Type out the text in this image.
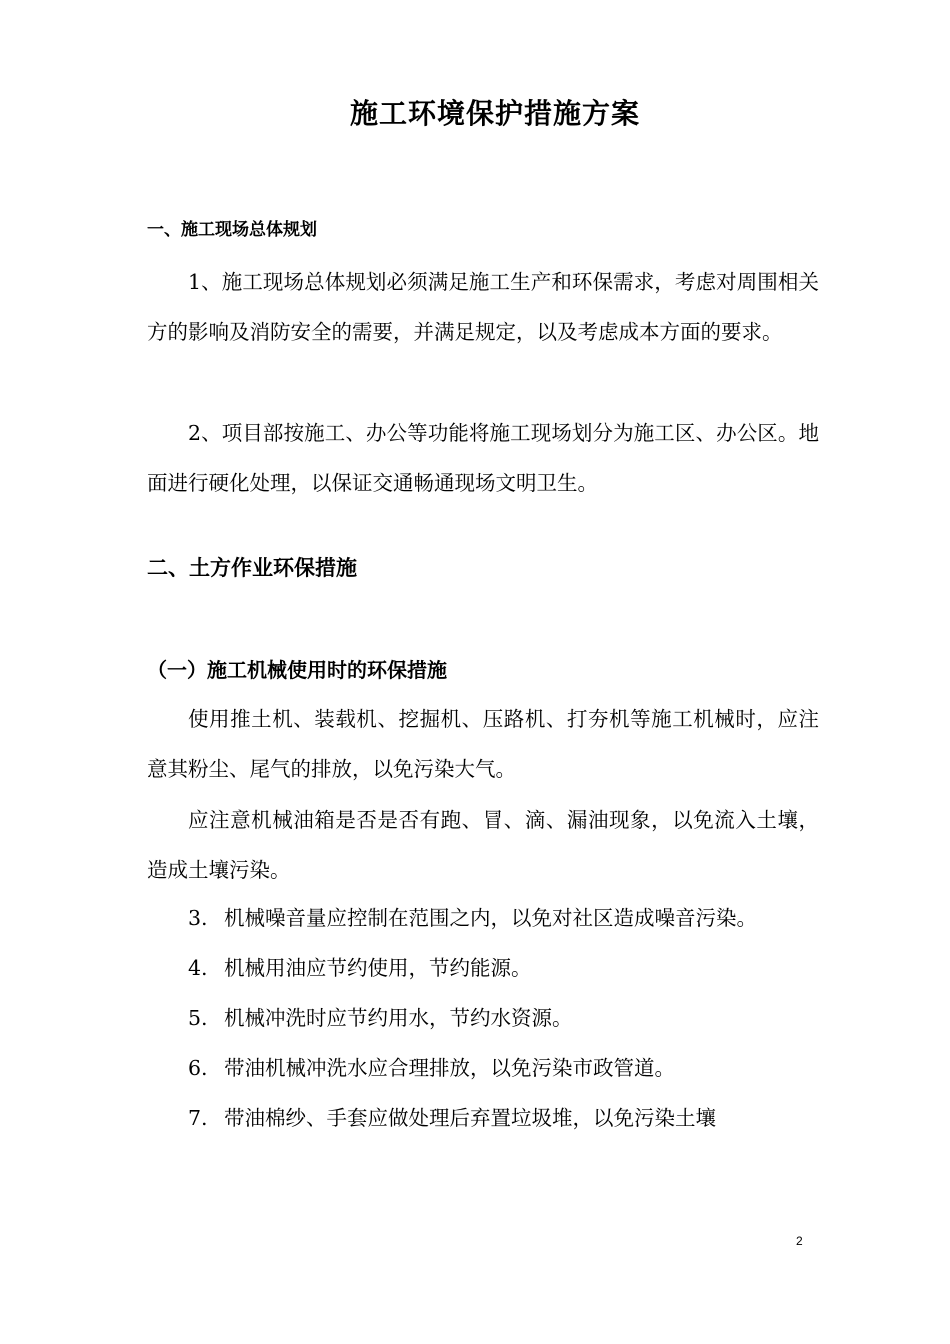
施工环境保护措施方案
一、施工现场总体规划

1、施工现场总体规划必须满足施工生产和环保需求，考虑对周围相关方的影响及消防安全的需要，并满足规定，以及考虑成本方面的要求。

2、项目部按施工、办公等功能将施工现场划分为施工区、办公区。地面进行硬化处理，以保证交通畅通现场文明卫生。

二、土方作业环保措施
（一）施工机械使用时的环保措施

使用推土机、装载机、挖掘机、压路机、打夯机等施工机械时，应注意其粉尘、尾气的排放，以免污染大气。

应注意机械油箱是否是否有跑、冒、滴、漏油现象，以免流入土壤，造成土壤污染。

3. 机械噪音量应控制在范围之内，以免对社区造成噪音污染。
4. 机械用油应节约使用，节约能源。
5. 机械冲洗时应节约用水，节约水资源。
6. 带油机械冲洗水应合理排放，以免污染市政管道。
7. 带油棉纱、手套应做处理后弃置垃圾堆，以免污染土壤
2
